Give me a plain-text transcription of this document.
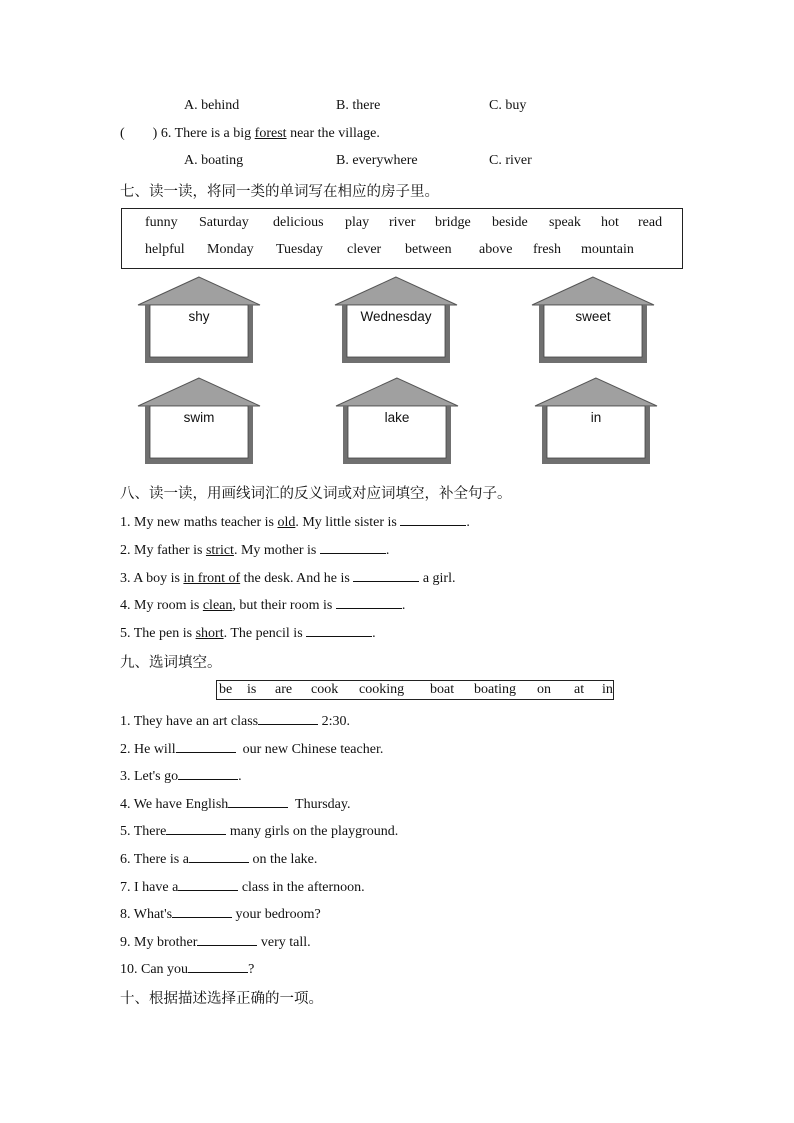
A. behind	B. there	C. buy
(        ) 6. There is a big forest near the village.
A. boating	B. everywhere	C. river
七、读一读，将同一类的单词写在相应的房子里。
funny Saturday delicious play river bridge beside speak hot read
helpful Monday Tuesday clever between above fresh mountain
shy	Wednesday	sweet
swim	lake	in
八、读一读，用画线词汇的反义词或对应词填空，补全句子。
1. My new maths teacher is old. My little sister is	.
2. My father is strict. My mother is	.
3. A boy is in front of the desk. And he is	a girl.
4. My room is clean, but their room is	.
5. The pen is short. The pencil is	.
九、选词填空。
be is are cook cooking boat boating on at in
1. They have an art class	2:30.
2. He will	our new Chinese teacher.
3. Let's go	.
4. We have English	Thursday.
5. There	many girls on the playground.
6. There is a	on the lake.
7. I have a	class in the afternoon.
8. What's	your bedroom?
9. My brother	very tall.
10. Can you	?
十、根据描述选择正确的一项。
